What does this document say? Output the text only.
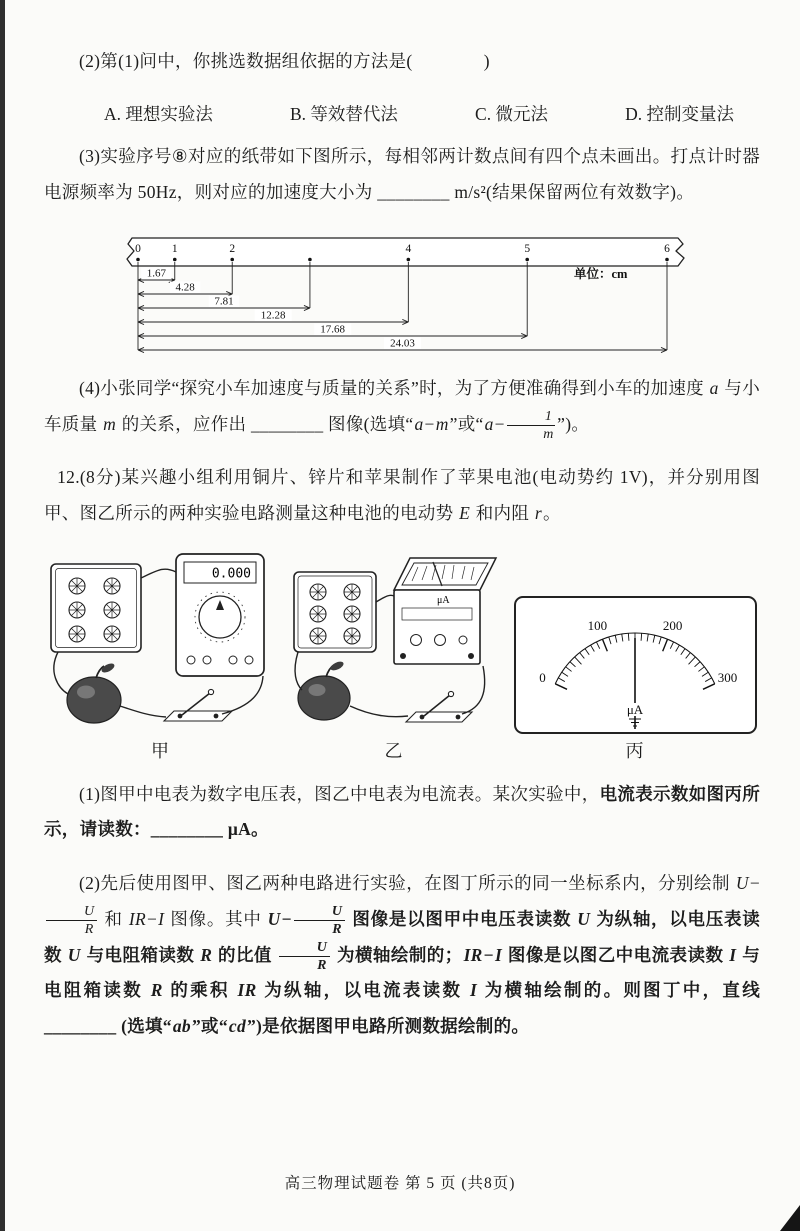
(2)第(1)问中，你挑选数据组依据的方法是(　　　　)

A. 理想实验法	B. 等效替代法	C. 微元法	D. 控制变量法

(3)实验序号⑧对应的纸带如下图所示，每相邻两计数点间有四个点未画出。打点计时器电源频率为 50Hz，则对应的加速度大小为 ________ m/s²(结果保留两位有效数字)。

0	1	2	4	5	6
1.67
4.28
7.81
12.28
17.68
24.03
单位：cm

(4)小张同学“探究小车加速度与质量的关系”时，为了方便准确得到小车的加速度 a 与小车质量 m 的关系，应作出 ________ 图像(选填“a−m”或“$a- \frac{1}{m}$ ”)。

12.(8分)某兴趣小组利用铜片、锌片和苹果制作了苹果电池(电动势约 1V)，并分别用图甲、图乙所示的两种实验电路测量这种电池的电动势 E 和内阻 r。

0.000
甲
μA
乙
0
100	200
300
μA
丙

(1)图甲中电表为数字电压表，图乙中电表为电流表。某次实验中，电流表示数如图丙所示，请读数：________ μA。

(2)先后使用图甲、图乙两种电路进行实验，在图丁所示的同一坐标系内，分别绘制 U−
$\frac{U}{R}$ 和 IR−I 图像。其中 $U- \frac{U}{R}$ 图像是以图甲中电压表读数 U 为纵轴，以电压表读数 U 与电阻箱读数 R 的比值 $\frac{U}{R}$ 为横轴绘制的；IR−I 图像是以图乙中电流表读数 I 与电阻箱读数 R 的乘积 IR 为纵轴，以电流表读数 I 为横轴绘制的。则图丁中，直线 ________ (选填“ab”或“cd”)是依据图甲电路所测数据绘制的。

高三物理试题卷 第 5 页 (共8页)
